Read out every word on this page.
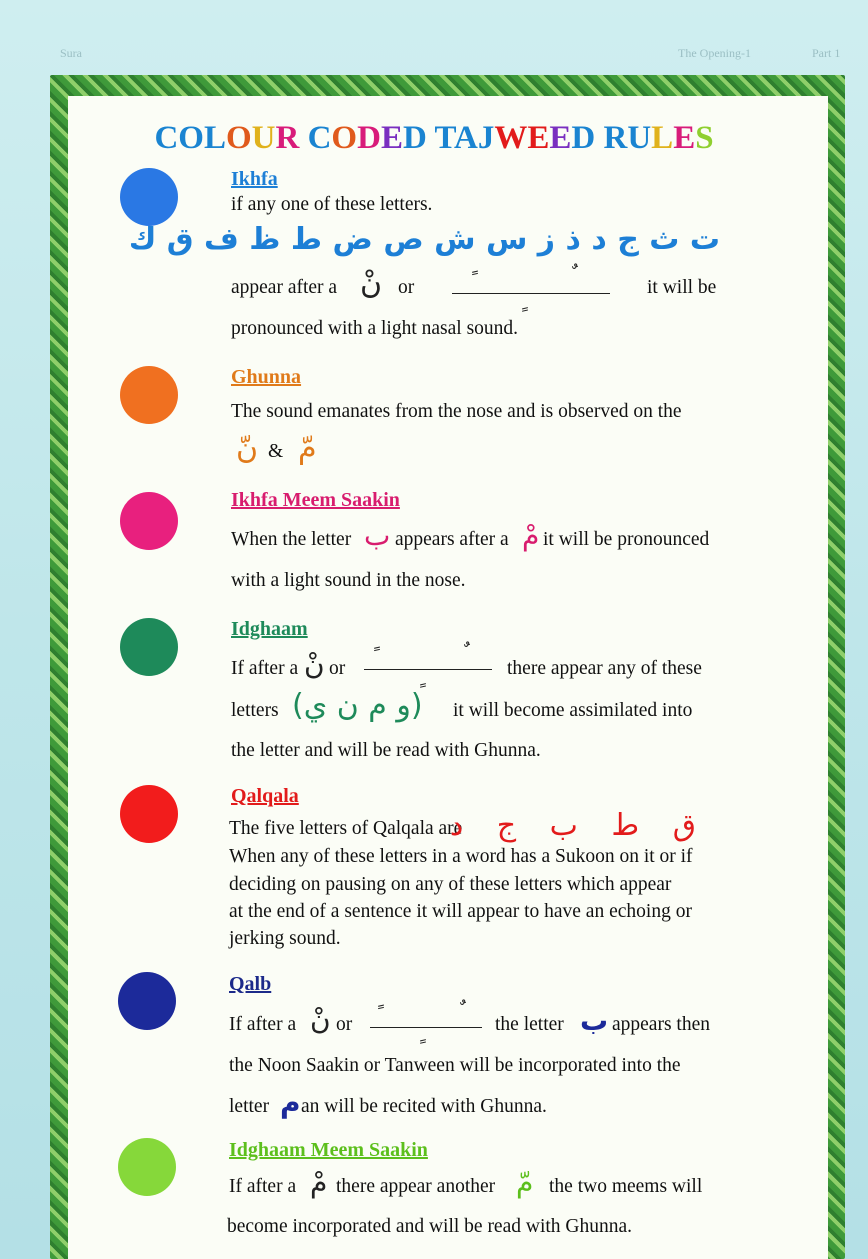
Sura	The Opening-1	Part 1
COLOUR CODED TAJWEED RULES
Ikhfa
if any one of these letters.
ت ث ج د ذ ز س ش ص ض ط ظ ف ق ك
appear after a نْ or	it will be
pronounced with a light nasal sound.
Ghunna
The sound emanates from the nose and is observed on the
نّ & مّ
Ikhfa Meem Saakin
When the letter ب appears after a مْ it will be pronounced
with a light sound in the nose.
Idghaam
If after a نْ or	there appear any of these
letters (و م ن ي) it will become assimilated into
the letter and will be read with Ghunna.
Qalqala
The five letters of Qalqala are
ق ط ب ج د
When any of these letters in a word has a Sukoon on it or if
deciding on pausing on any of these letters which appear
at the end of a sentence it will appear to have an echoing or
jerking sound.
Qalb
If after a نْ or	the letter ب appears then
the Noon Saakin or Tanween will be incorporated into the
letter م an will be recited with Ghunna.
Idghaam Meem Saakin
If after a مْ there appear another مّ the two meems will
become incorporated and will be read with Ghunna.
